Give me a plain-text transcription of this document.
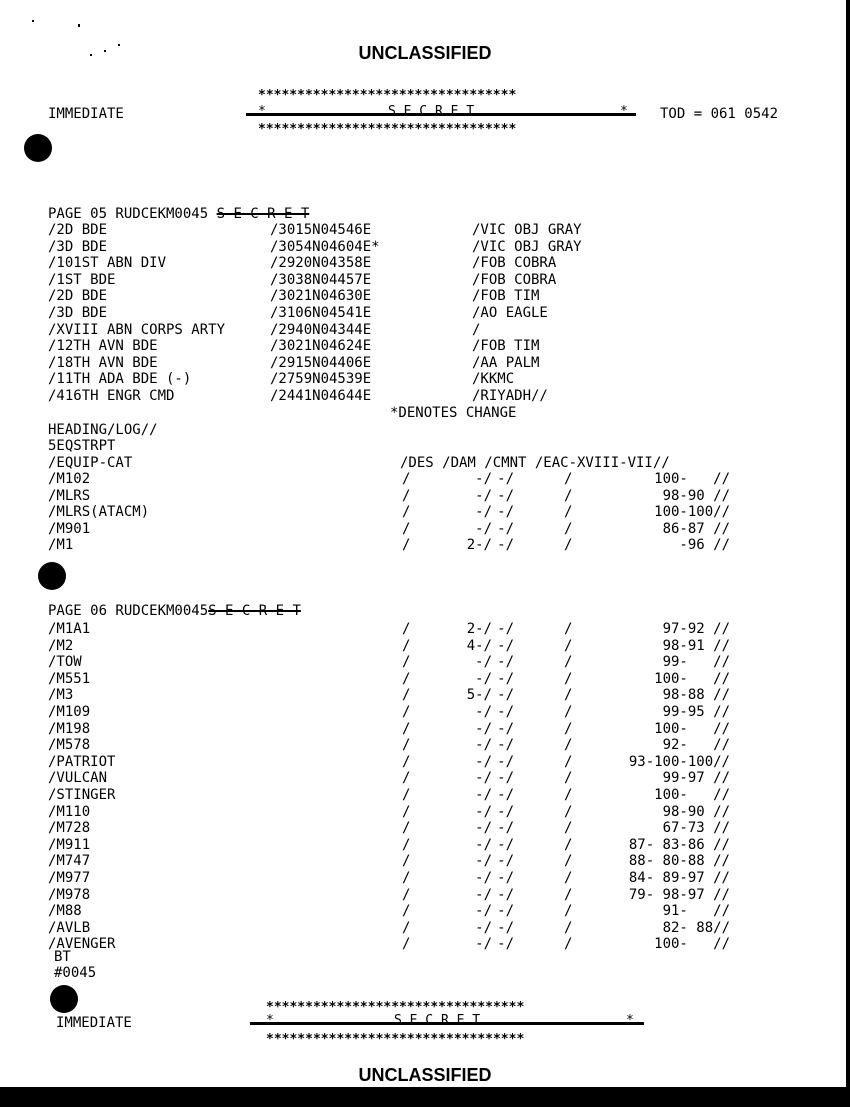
UNCLASSIFIED
*********************************
IMMEDIATE	*	*
S E C R E T	TOD = 061 0542
*********************************
PAGE 05 RUDCEKM0045 S E C R E T
/2D BDE	/3015N04546E	/VIC OBJ GRAY
/3D BDE	/3054N04604E*	/VIC OBJ GRAY
/101ST ABN DIV	/2920N04358E	/FOB COBRA
/1ST BDE	/3038N04457E	/FOB COBRA
/2D BDE	/3021N04630E	/FOB TIM
/3D BDE	/3106N04541E	/AO EAGLE
/XVIII ABN CORPS ARTY	/2940N04344E	/
/12TH AVN BDE	/3021N04624E	/FOB TIM
/18TH AVN BDE	/2915N04406E	/AA PALM
/11TH ADA BDE (-)	/2759N04539E	/KKMC
/416TH ENGR CMD	/2441N04644E	/RIYADH//
*DENOTES CHANGE
HEADING/LOG//
5EQSTRPT
/EQUIP-CAT	/DES /DAM /CMNT /EAC-XVIII-VII//
/M102	/	-/ -/	/	100-   //
/MLRS	/	-/ -/	/	98-90 //
/MLRS(ATACM)	/	-/ -/	/	100-100//
/M901	/	-/ -/	/	86-87 //
/M1	/	2-/ -/	/	-96 //
PAGE 06 RUDCEKM0045S E C R E T
/M1A1	/	2-/ -/	/	97-92 //
/M2	/	4-/ -/	/	98-91 //
/TOW	/	-/ -/	/	99-   //
/M551	/	-/ -/	/	100-   //
/M3	/	5-/ -/	/	98-88 //
/M109	/	-/ -/	/	99-95 //
/M198	/	-/ -/	/	100-   //
/M578	/	-/ -/	/	92-   //
/PATRIOT	/	-/ -/	/	93-100-100//
/VULCAN	/	-/ -/	/	99-97 //
/STINGER	/	-/ -/	/	100-   //
/M110	/	-/ -/	/	98-90 //
/M728	/	-/ -/	/	67-73 //
/M911	/	-/ -/	/	87- 83-86 //
/M747	/	-/ -/	/	88- 80-88 //
/M977	/	-/ -/	/	84- 89-97 //
/M978	/	-/ -/	/	79- 98-97 //
/M88	/	-/ -/	/	91-   //
/AVLB	/	-/ -/	/	82- 88//
/AVENGER	/	-/ -/	/	100-   //
BT
#0045
*********************************
IMMEDIATE	*	*
S E C R E T
*********************************
UNCLASSIFIED
